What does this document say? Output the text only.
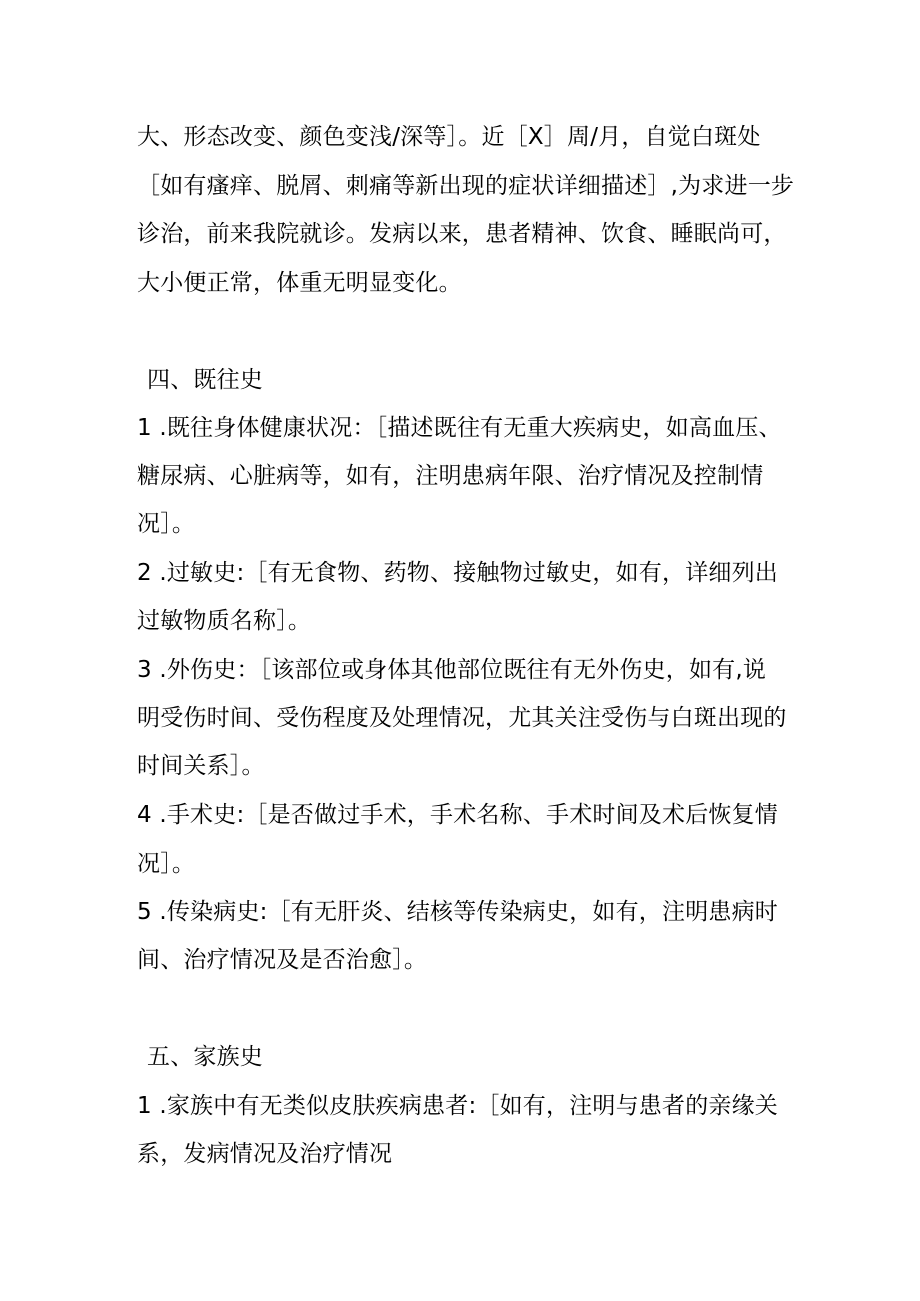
大、形态改变、颜色变浅/深等］。近［X］周/月，自觉白斑处
［如有瘙痒、脱屑、刺痛等新出现的症状详细描述］,为求进一步
诊治，前来我院就诊。发病以来，患者精神、饮食、睡眠尚可，
大小便正常，体重无明显变化。
四、既往史
1 .既往身体健康状况：［描述既往有无重大疾病史，如高血压、
糖尿病、心脏病等，如有，注明患病年限、治疗情况及控制情
况］。
2 .过敏史:［有无食物、药物、接触物过敏史，如有，详细列出
过敏物质名称］。
3 .外伤史：［该部位或身体其他部位既往有无外伤史，如有,说
明受伤时间、受伤程度及处理情况，尤其关注受伤与白斑出现的
时间关系］。
4 .手术史:［是否做过手术，手术名称、手术时间及术后恢复情
况］。
5 .传染病史:［有无肝炎、结核等传染病史，如有，注明患病时
间、治疗情况及是否治愈］。
五、家族史
1 .家族中有无类似皮肤疾病患者:［如有，注明与患者的亲缘关
系，发病情况及治疗情况
